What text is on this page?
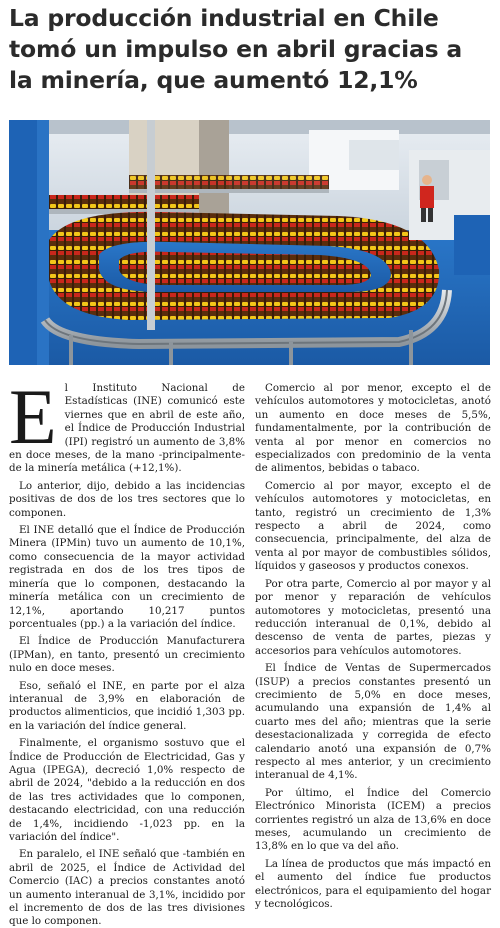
La producción industrial en Chile tomó un impulso en abril gracias a la minería, que aumentó 12,1%

El Instituto Nacional de Estadísticas (INE) comunicó este viernes que en abril de este año, el Índice de Producción Industrial (IPI) registró un aumento de 3,8% en doce meses, de la mano -principalmente- de la minería metálica (+12,1%).

Lo anterior, dijo, debido a las incidencias positivas de dos de los tres sectores que lo componen.

El INE detalló que el Índice de Producción Minera (IPMin) tuvo un aumento de 10,1%, como consecuencia de la mayor actividad registrada en dos de los tres tipos de minería que lo componen, destacando la minería metálica con un crecimiento de 12,1%, aportando 10,217 puntos porcentuales (pp.) a la variación del índice.

El Índice de Producción Manufacturera (IPMan), en tanto, presentó un crecimiento nulo en doce meses.

Eso, señaló el INE, en parte por el alza interanual de 3,9% en elaboración de productos alimenticios, que incidió 1,303 pp. en la variación del índice general.

Finalmente, el organismo sostuvo que el Índice de Producción de Electricidad, Gas y Agua (IPEGA), decreció 1,0% respecto de abril de 2024, "debido a la reducción en dos de las tres actividades que lo componen, destacando electricidad, con una reducción de 1,4%, incidiendo -1,023 pp. en la variación del índice".

En paralelo, el INE señaló que -también en abril de 2025, el Índice de Actividad del Comercio (IAC) a precios constantes anotó un aumento interanual de 3,1%, incidido por el incremento de dos de las tres divisiones que lo componen.

Comercio al por menor, excepto el de vehículos automotores y motocicletas, anotó un aumento en doce meses de 5,5%, fundamentalmente, por la contribución de venta al por menor en comercios no especializados con predominio de la venta de alimentos, bebidas o tabaco.

Comercio al por mayor, excepto el de vehículos automotores y motocicletas, en tanto, registró un crecimiento de 1,3% respecto a abril de 2024, como consecuencia, principalmente, del alza de venta al por mayor de combustibles sólidos, líquidos y gaseosos y productos conexos.

Por otra parte, Comercio al por mayor y al por menor y reparación de vehículos automotores y motocicletas, presentó una reducción interanual de 0,1%, debido al descenso de venta de partes, piezas y accesorios para vehículos automotores.

El Índice de Ventas de Supermercados (ISUP) a precios constantes presentó un crecimiento de 5,0% en doce meses, acumulando una expansión de 1,4% al cuarto mes del año; mientras que la serie desestacionalizada y corregida de efecto calendario anotó una expansión de 0,7% respecto al mes anterior, y un crecimiento interanual de 4,1%.

Por último, el Índice del Comercio Electrónico Minorista (ICEM) a precios corrientes registró un alza de 13,6% en doce meses, acumulando un crecimiento de 13,8% en lo que va del año.

La línea de productos que más impactó en el aumento del índice fue productos electrónicos, para el equipamiento del hogar y tecnológicos.
